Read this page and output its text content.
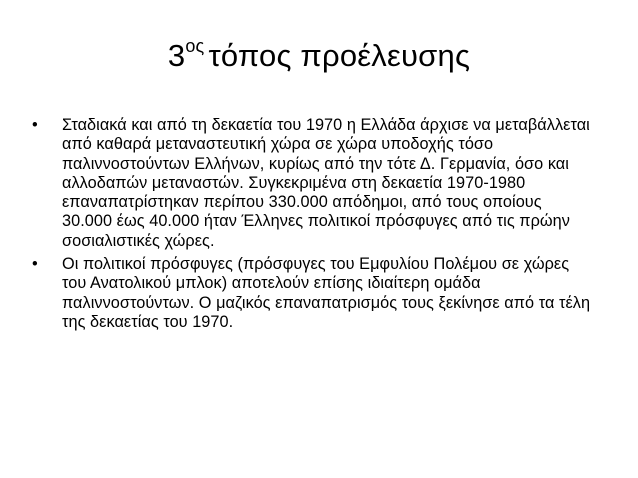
$3^{o\varsigma}$ τόπος προέλευσης
•	Σταδιακά και από τη δεκαετία του 1970 η Ελλάδα άρχισε να μεταβάλλεται από καθαρά μεταναστευτική χώρα σε χώρα υποδοχής τόσο παλιννοστούντων Ελλήνων, κυρίως από την τότε Δ. Γερμανία, όσο και αλλοδαπών μεταναστών. Συγκεκριμένα στη δεκαετία 1970-1980 επαναπατρίστηκαν περίπου 330.000 απόδημοι, από τους οποίους 30.000 έως 40.000 ήταν Έλληνες πολιτικοί πρόσφυγες από τις πρώην σοσιαλιστικές χώρες.
•	Οι πολιτικοί πρόσφυγες (πρόσφυγες του Εμφυλίου Πολέμου σε χώρες του Ανατολικού μπλοκ) αποτελούν επίσης ιδιαίτερη ομάδα παλιννοστούντων. Ο μαζικός επαναπατρισμός τους ξεκίνησε από τα τέλη της δεκαετίας του 1970.
